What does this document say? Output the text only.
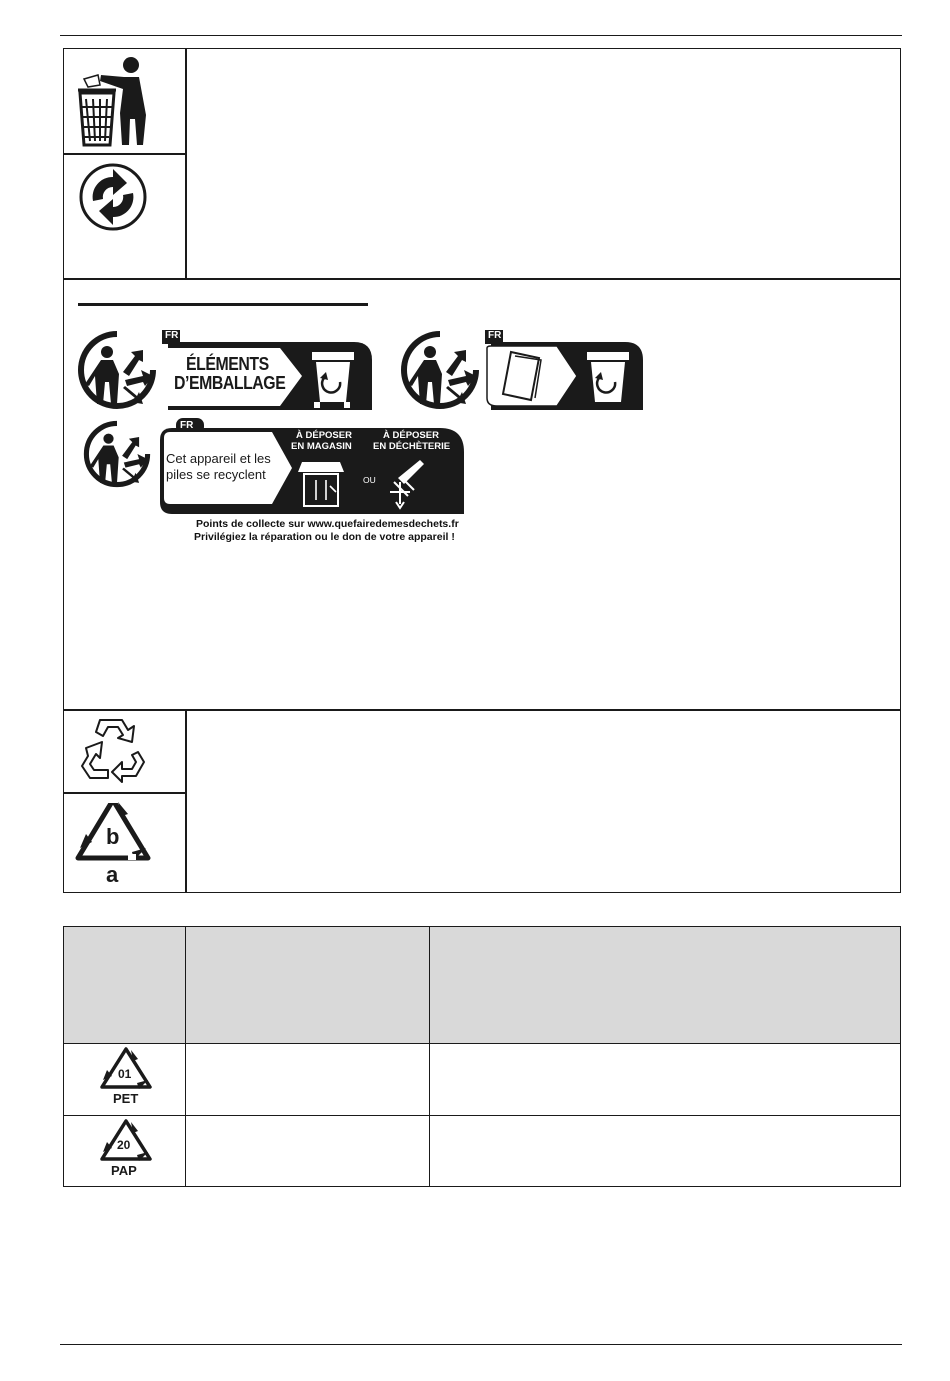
FR
ÉLÉMENTS
D’EMBALLAGE
FR
FR
Cet appareil et les
piles se recyclent
À DÉPOSER
EN MAGASIN
OU
À DÉPOSER
EN DÉCHÈTERIE
Points de collecte sur www.quefairedemesdechets.fr
Privilégiez la réparation ou le don de votre appareil !
b
a
01
PET
20
PAP
